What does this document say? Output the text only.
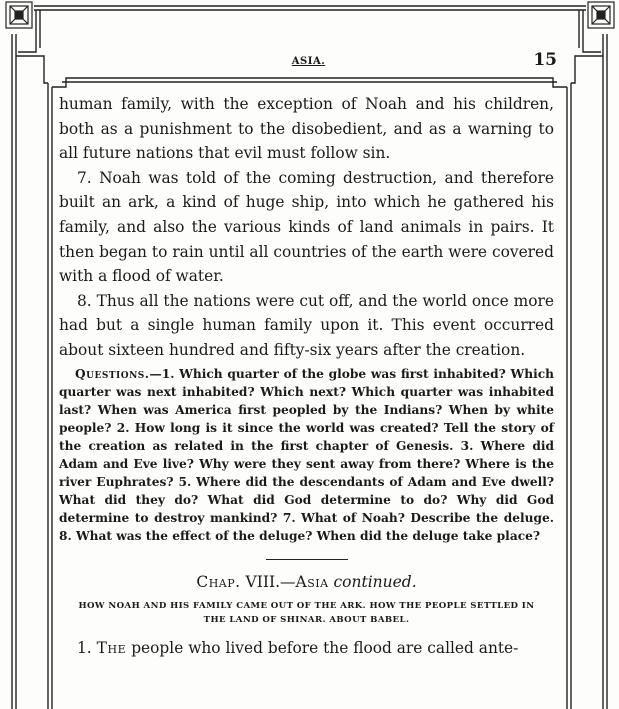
ASIA.	15

human family, with the exception of Noah and his children, both as a punishment to the disobedient, and as a warning to all future nations that evil must follow sin.

7. Noah was told of the coming destruction, and therefore built an ark, a kind of huge ship, into which he gathered his family, and also the various kinds of land animals in pairs. It then began to rain until all countries of the earth were covered with a flood of water.

8. Thus all the nations were cut off, and the world once more had but a single human family upon it. This event occurred about sixteen hundred and fifty-six years after the creation.

Questions.—1. Which quarter of the globe was first inhabited? Which quarter was next inhabited? Which next? Which quarter was inhabited last? When was America first peopled by the Indians? When by white people? 2. How long is it since the world was created? Tell the story of the creation as related in the first chapter of Genesis. 3. Where did Adam and Eve live? Why were they sent away from there? Where is the river Euphrates? 5. Where did the descendants of Adam and Eve dwell? What did they do? What did God determine to do? Why did God determine to destroy mankind? 7. What of Noah? Describe the deluge. 8. What was the effect of the deluge? When did the deluge take place?

Chap. VIII.—Asia continued.

HOW NOAH AND HIS FAMILY CAME OUT OF THE ARK. HOW THE PEOPLE SETTLED IN THE LAND OF SHINAR. ABOUT BABEL.

1. The people who lived before the flood are called ante-
